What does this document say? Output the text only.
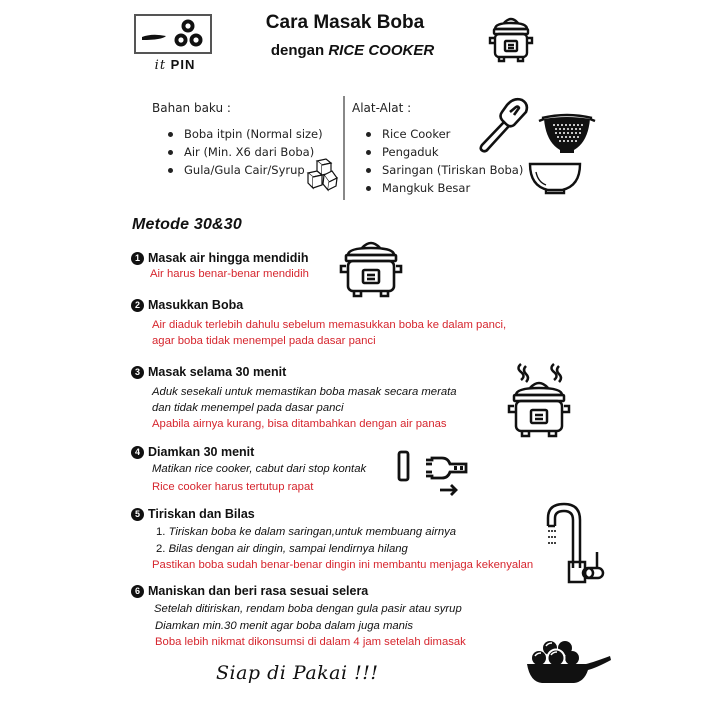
it PIN
Cara Masak Boba
dengan RICE COOKER
Bahan baku :
Boba itpin (Normal size)
Air (Min. X6 dari Boba)
Gula/Gula Cair/Syrup
Alat-Alat :
Rice Cooker
Pengaduk
Saringan (Tiriskan Boba)
Mangkuk Besar
Metode 30&30
1 Masak air hingga mendidih
Air harus benar-benar mendidih
2 Masukkan Boba
Air diaduk terlebih dahulu sebelum memasukkan boba ke dalam panci,
agar boba tidak menempel pada dasar panci
3 Masak selama 30 menit
Aduk sesekali untuk memastikan boba masak secara merata
dan tidak menempel pada dasar panci
Apabila airnya kurang, bisa ditambahkan dengan air panas
4 Diamkan 30 menit
Matikan rice cooker, cabut dari stop kontak
Rice cooker harus tertutup rapat
5 Tiriskan dan Bilas
1. Tiriskan boba ke dalam saringan,untuk membuang airnya
2. Bilas dengan air dingin, sampai lendirnya hilang
Pastikan boba sudah benar-benar dingin ini membantu menjaga kekenyalan
6 Maniskan dan beri rasa sesuai selera
Setelah ditiriskan, rendam boba dengan gula pasir atau syrup
Diamkan min.30 menit agar boba dalam juga manis
Boba lebih nikmat dikonsumsi di dalam 4 jam setelah dimasak
Siap di Pakai !!!
